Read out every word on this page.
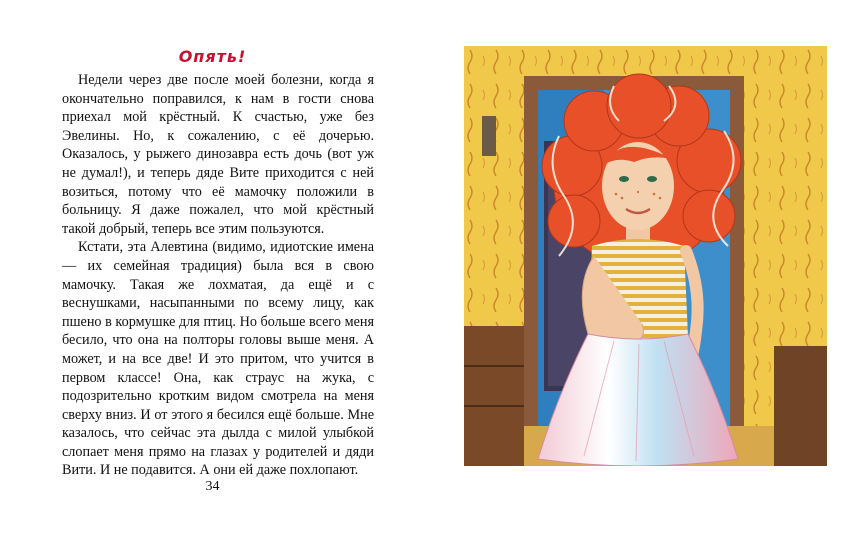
Опять!

Недели через две после моей болезни, когда я окончательно поправился, к нам в гости снова приехал мой крёстный. К счастью, уже без Эвелины. Но, к сожалению, с её дочерью. Оказалось, у рыжего динозавра есть дочь (вот уж не думал!), и теперь дяде Вите приходится с ней возиться, потому что её мамочку положили в больницу. Я даже пожалел, что мой крёстный такой добрый, теперь все этим пользуются.

Кстати, эта Алевтина (видимо, идиотские имена — их семейная традиция) была вся в свою мамочку. Такая же лохматая, да ещё и с веснушками, насыпанными по всему лицу, как пшено в кормушке для птиц. Но больше всего меня бесило, что она на полторы головы выше меня. А может, и на все две! И это притом, что учится в первом классе! Она, как страус на жука, с подозрительно кротким видом смотрела на меня сверху вниз. И от этого я бесился ещё больше. Мне казалось, что сейчас эта дылда с милой улыбкой слопает меня прямо на глазах у родителей и дяди Вити. И не подавится. А они ей даже похлопают.

34
